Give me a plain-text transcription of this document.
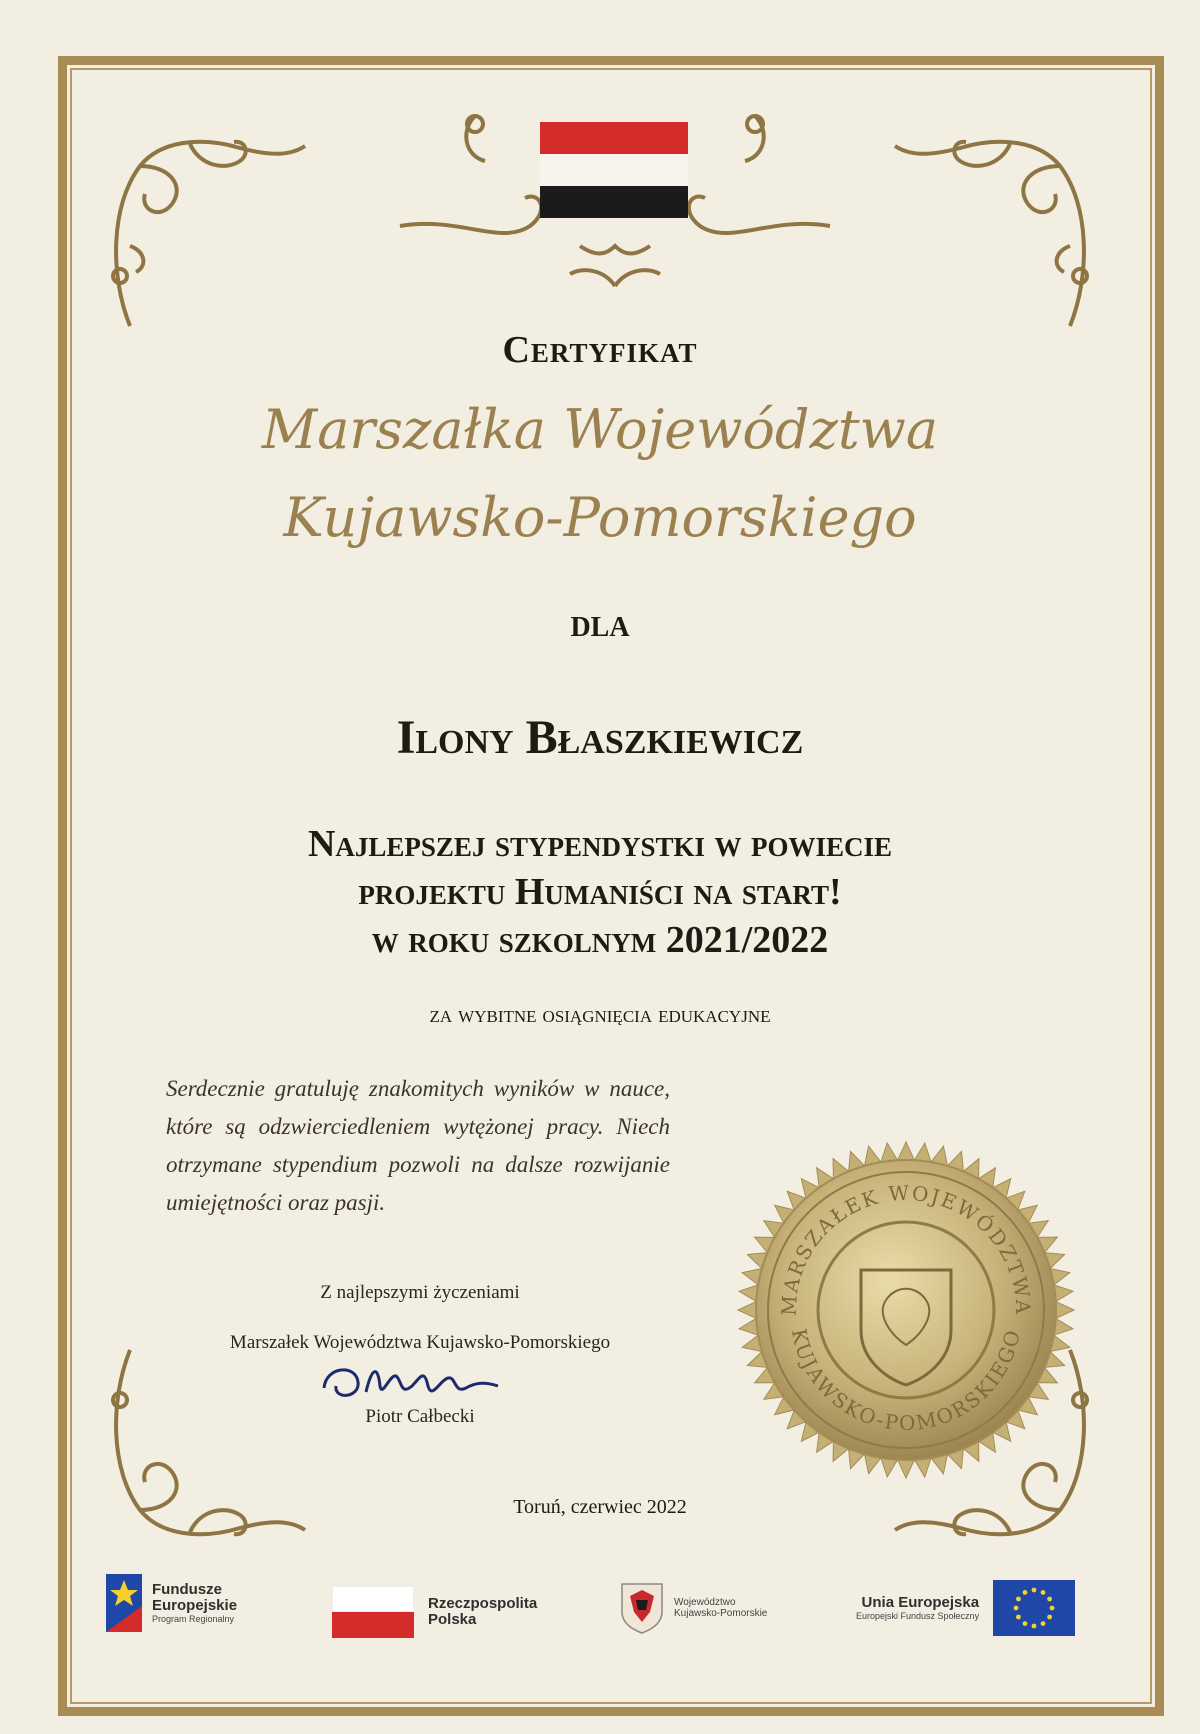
Certyfikat
Marszałka Województwa
Kujawsko-Pomorskiego
DLA
Ilony Błaszkiewicz
Najlepszej stypendystki w powiecie
projektu Humaniści na start!
w roku szkolnym 2021/2022
za wybitne osiągnięcia edukacyjne
Serdecznie gratuluję znakomitych wyników w nauce, które są odzwierciedleniem wytężonej pracy. Niech otrzymane stypendium pozwoli na dalsze rozwijanie umiejętności oraz pasji.
Z najlepszymi życzeniami
Marszałek Województwa Kujawsko-Pomorskiego
Piotr Całbecki
MARSZAŁEK WOJEWÓDZTWA
KUJAWSKO-POMORSKIEGO
Toruń, czerwiec 2022
Fundusze
Europejskie
Program Regionalny
Rzeczpospolita
Polska
Województwo
Kujawsko-Pomorskie
Unia Europejska
Europejski Fundusz Społeczny
